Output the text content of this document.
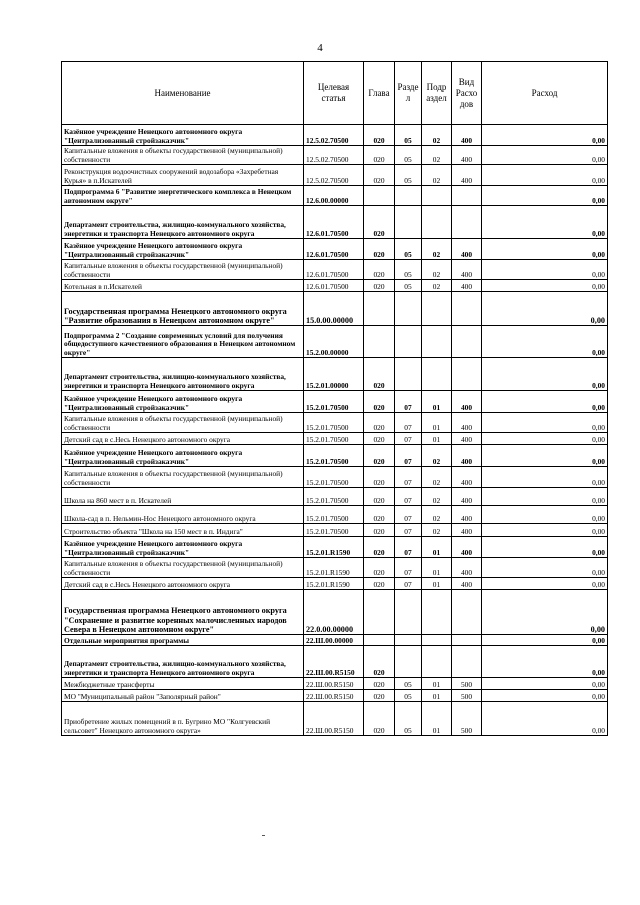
4
Наименование	Целевая статья	Глава	Разде л	Подр аздел	Вид Расхо дов	Расход
Казённое учреждение Ненецкого автономного округа "Централизованный стройзаказчик"	12.5.02.70500	020	05	02	400	0,00
Капитальные вложения в объекты государственной (муниципальной) собственности	12.5.02.70500	020	05	02	400	0,00
Реконструкция водоочистных сооружений водозабора «Захребетная Курья» в п.Искателей	12.5.02.70500	020	05	02	400	0,00
Подпрограмма 6 "Развитие энергетического комплекса в Ненецком автономном округе"	12.6.00.00000					0,00
Департамент строительства, жилищно-коммунального хозяйства, энергетики и транспорта Ненецкого автономного округа	12.6.01.70500	020				0,00
Казённое учреждение Ненецкого автономного округа "Централизованный стройзаказчик"	12.6.01.70500	020	05	02	400	0,00
Капитальные вложения в объекты государственной (муниципальной) собственности	12.6.01.70500	020	05	02	400	0,00
Котельная в п.Искателей	12.6.01.70500	020	05	02	400	0,00
Государственная программа Ненецкого автономного округа "Развитие образования в Ненецком автономном округе"	15.0.00.00000					0,00
Подпрограмма 2 "Создание современных условий для получения общедоступного качественного образования в Ненецком автономном округе"	15.2.00.00000					0,00
Департамент строительства, жилищно-коммунального хозяйства, энергетики и транспорта Ненецкого автономного округа	15.2.01.00000	020				0,00
Казённое учреждение Ненецкого автономного округа "Централизованный стройзаказчик"	15.2.01.70500	020	07	01	400	0,00
Капитальные вложения в объекты государственной (муниципальной) собственности	15.2.01.70500	020	07	01	400	0,00
Детский сад в с.Несь Ненецкого автономного округа	15.2.01.70500	020	07	01	400	0,00
Казённое учреждение Ненецкого автономного округа "Централизованный стройзаказчик"	15.2.01.70500	020	07	02	400	0,00
Капитальные вложения в объекты государственной (муниципальной) собственности	15.2.01.70500	020	07	02	400	0,00
Школа на 860 мест в п. Искателей	15.2.01.70500	020	07	02	400	0,00
Школа-сад в п. Нельмин-Нос Ненецкого автономного округа	15.2.01.70500	020	07	02	400	0,00
Строительство объекта "Школа на 150 мест в п. Индига"	15.2.01.70500	020	07	02	400	0,00
Казённое учреждение Ненецкого автономного округа "Централизованный стройзаказчик"	15.2.01.R1590	020	07	01	400	0,00
Капитальные вложения в объекты государственной (муниципальной) собственности	15.2.01.R1590	020	07	01	400	0,00
Детский сад в с.Несь Ненецкого автономного округа	15.2.01.R1590	020	07	01	400	0,00
Государственная программа Ненецкого автономного округа "Сохранение и развитие коренных малочисленных народов Севера в Ненецком автономном округе"	22.0.00.00000					0,00
Отдельные мероприятия программы	22.Ш.00.00000					0,00
Департамент строительства, жилищно-коммунального хозяйства, энергетики и транспорта Ненецкого автономного округа	22.Ш.00.R5150	020				0,00
Межбюджетные трансферты	22.Ш.00.R5150	020	05	01	500	0,00
МО "Муниципальный район "Заполярный район"	22.Ш.00.R5150	020	05	01	500	0,00
Приобретение жилых помещений в п. Бугрино МО "Колгуевский сельсовет" Ненецкого автономного округа»	22.Ш.00.R5150	020	05	01	500	0,00
